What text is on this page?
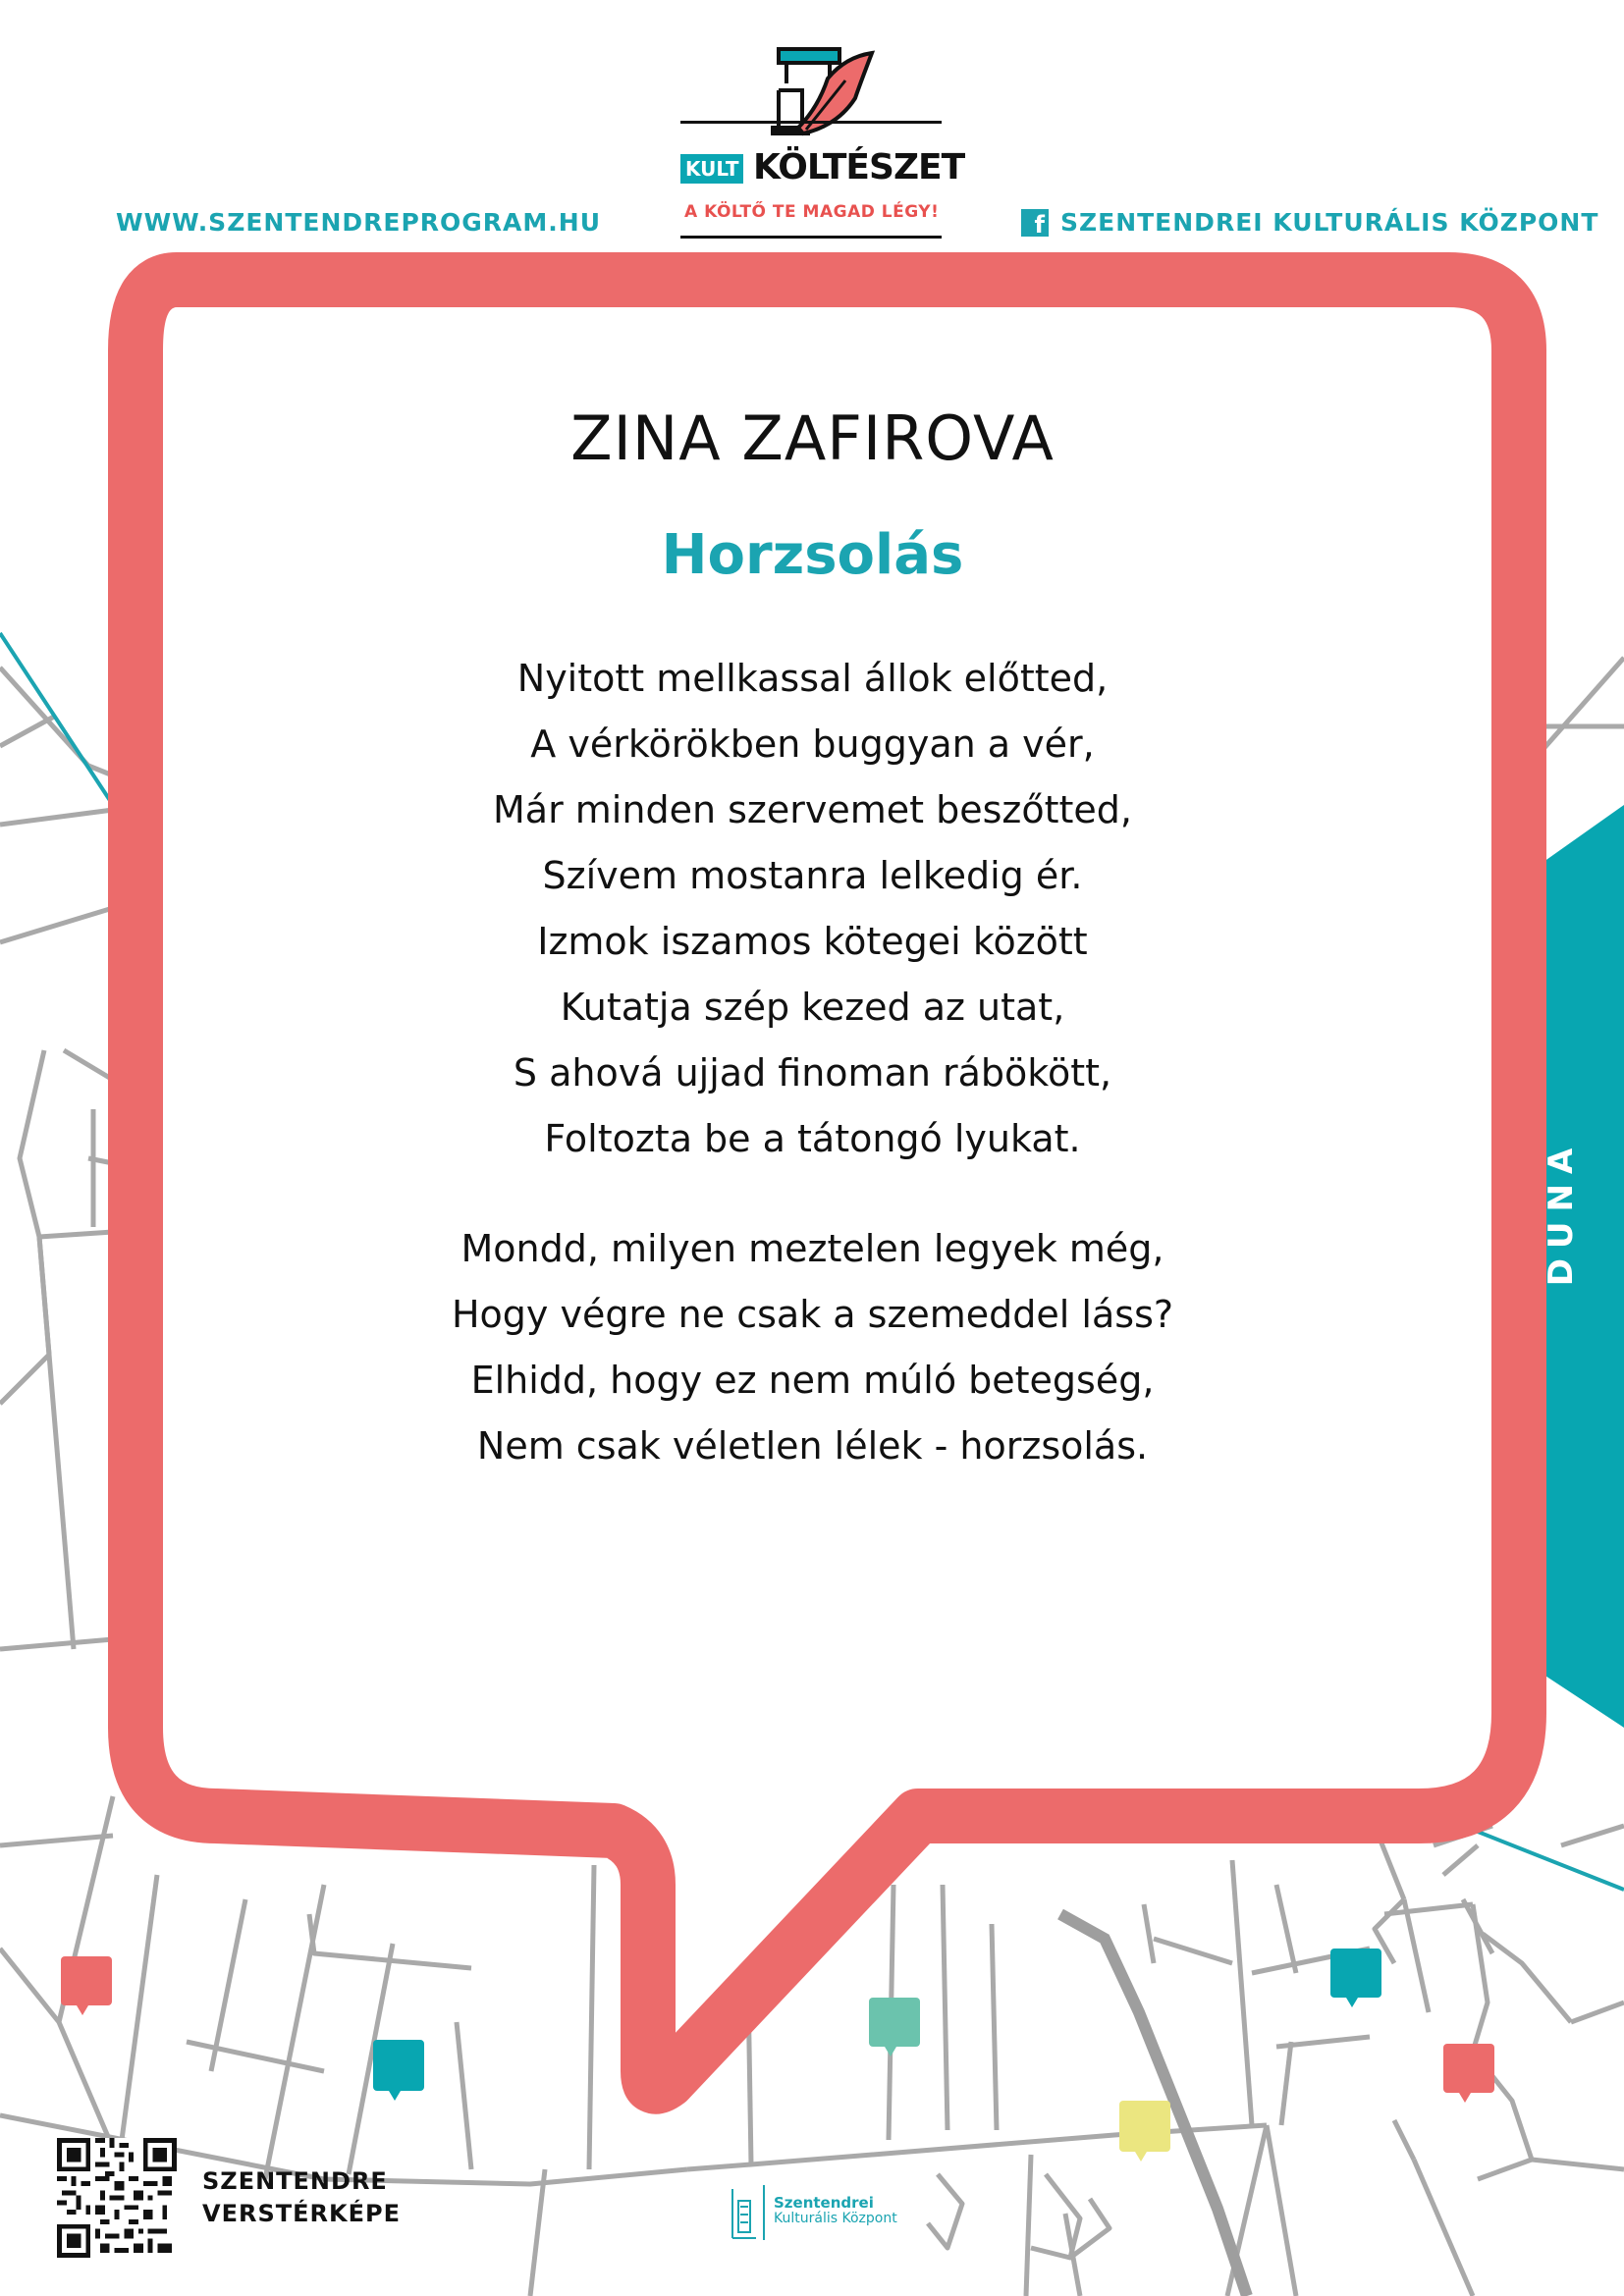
WWW.SZENTENDREPROGRAM.HU	f SZENTENDREI KULTURÁLIS KÖZPONT
KULT KÖLTÉSZET
A KÖLTŐ TE MAGAD LÉGY!
ZINA ZAFIROVA
Horzsolás
Nyitott mellkassal állok előtted,
A vérkörökben buggyan a vér,
Már minden szervemet beszőtted,
Szívem mostanra lelkedig ér.
Izmok iszamos kötegei között
Kutatja szép kezed az utat,
S ahová ujjad finoman rábökött,
Foltozta be a tátongó lyukat.
Mondd, milyen meztelen legyek még,
Hogy végre ne csak a szemeddel láss?
Elhidd, hogy ez nem múló betegség,
Nem csak véletlen lélek - horzsolás.
DUNA
SZENTENDRE
VERSTÉRKÉPE	Szentendrei
Kulturális Központ
